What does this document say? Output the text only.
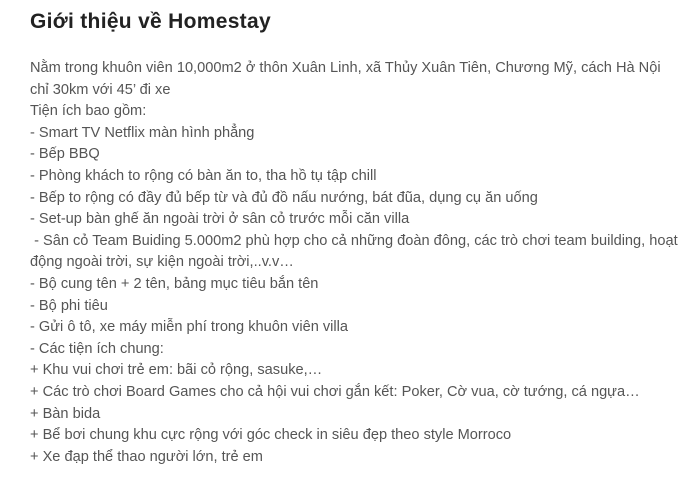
Giới thiệu về Homestay
Nằm trong khuôn viên 10,000m2 ở thôn Xuân Linh, xã Thủy Xuân Tiên, Chương Mỹ, cách Hà Nội chỉ 30km với 45’ đi xe
Tiện ích bao gồm:
- Smart TV Netflix màn hình phẳng
- Bếp BBQ
- Phòng khách to rộng có bàn ăn to, tha hồ tụ tập chill
- Bếp to rộng có đầy đủ bếp từ và đủ đồ nấu nướng, bát đũa, dụng cụ ăn uống
- Set-up bàn ghế ăn ngoài trời ở sân cỏ trước mỗi căn villa
- Sân cỏ Team Buiding 5.000m2 phù hợp cho cả những đoàn đông, các trò chơi team building, hoạt động ngoài trời, sự kiện ngoài trời,..v.v…
- Bộ cung tên + 2 tên, bảng mục tiêu bắn tên
- Bộ phi tiêu
- Gửi ô tô, xe máy miễn phí trong khuôn viên villa
- Các tiện ích chung:
+ Khu vui chơi trẻ em: bãi cỏ rộng, sasuke,…
+ Các trò chơi Board Games cho cả hội vui chơi gắn kết: Poker, Cờ vua, cờ tướng, cá ngựa…
+ Bàn bida
+ Bể bơi chung khu cực rộng với góc check in siêu đẹp theo style Morroco
+ Xe đạp thể thao người lớn, trẻ em
